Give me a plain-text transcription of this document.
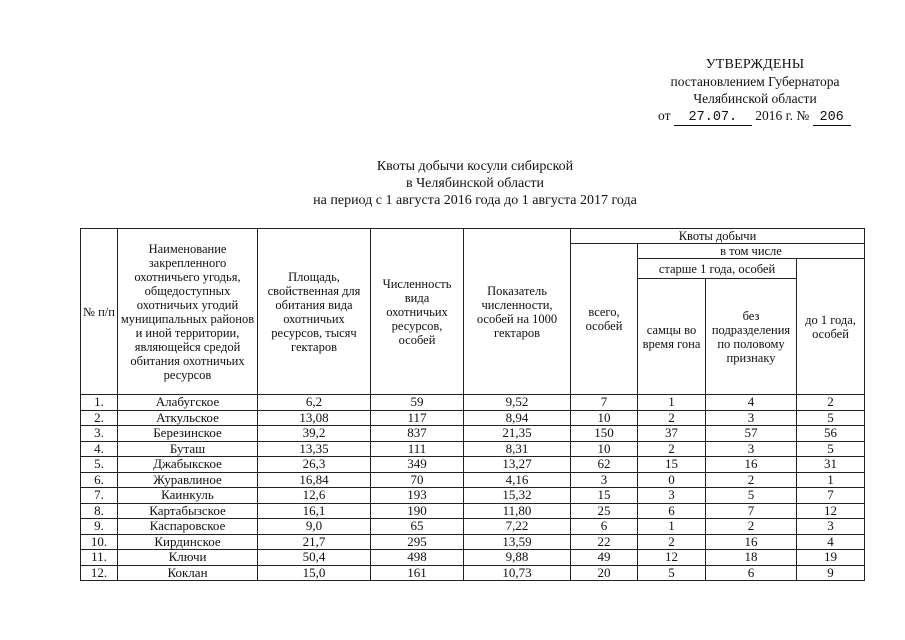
УТВЕРЖДЕНЫ
постановлением Губернатора
Челябинской области
от 27.07. 2016 г. № 206
Квоты добычи косули сибирской
в Челябинской области
на период с 1 августа 2016 года до 1 августа 2017 года
№ п/п	Наименование закрепленного охотничьего угодья, общедоступных охотничьих угодий муниципальных районов и иной территории, являющейся средой обитания охотничьих ресурсов	Площадь, свойственная для обитания вида охотничьих ресурсов, тысяч гектаров	Численность вида охотничьих ресурсов, особей	Показатель численности, особей на 1000 гектаров	Квоты добычи			
					всего, особей	в том числе		
						старше 1 года, особей		до 1 года, особей
						самцы во время гона	без подразделения по половому признаку	
1.	Алабугское	6,2	59	9,52	7	1	4	2
2.	Аткульское	13,08	117	8,94	10	2	3	5
3.	Березинское	39,2	837	21,35	150	37	57	56
4.	Буташ	13,35	111	8,31	10	2	3	5
5.	Джабыкское	26,3	349	13,27	62	15	16	31
6.	Журавлиное	16,84	70	4,16	3	0	2	1
7.	Каинкуль	12,6	193	15,32	15	3	5	7
8.	Картабызское	16,1	190	11,80	25	6	7	12
9.	Каспаровское	9,0	65	7,22	6	1	2	3
10.	Кирдинское	21,7	295	13,59	22	2	16	4
11.	Ключи	50,4	498	9,88	49	12	18	19
12.	Коклан	15,0	161	10,73	20	5	6	9
